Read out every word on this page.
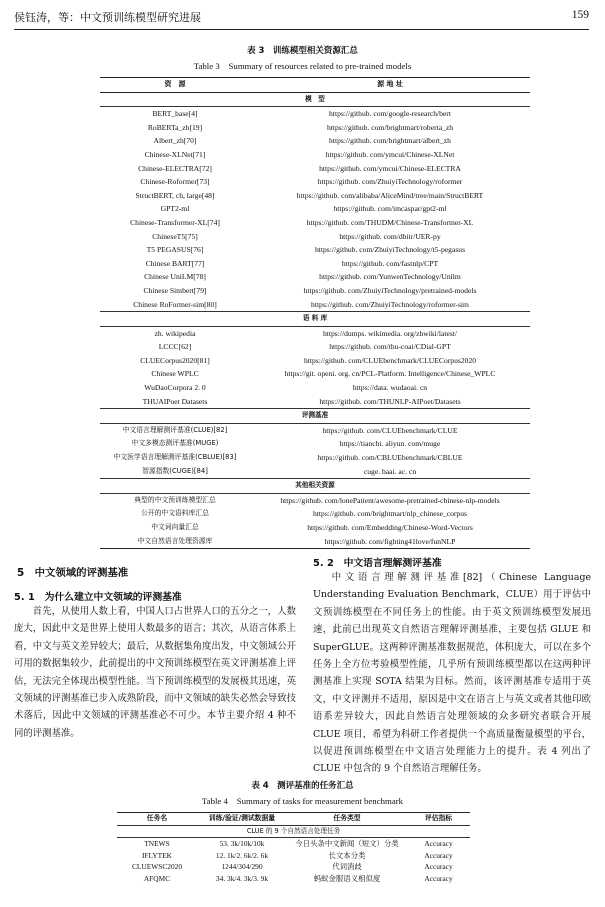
侯钰涛，等：中文预训练模型研究进展	159
表 3　训练模型相关资源汇总
Table 3　Summary of resources related to pre-trained models
资　源	源 地 址
模　型	
BERT_base[4]	https://github. com/google-research/bert
RoBERTa_zh[19]	https://github. com/brightmart/roberta_zh
Albert_zh[70]	https://github. com/brightmart/albert_zh
Chinese-XLNet[71]	https://github. com/ymcui/Chinese-XLNet
Chinese-ELECTRA[72]	https://github. com/ymcui/Chinese-ELECTRA
Chinese-Roformer[73]	https://github. com/ZhuiyiTechnology/roformer
StructBERT, ch, large[48]	https://github. com/alibaba/AliceMind/tree/main/StructBERT
GPT2-ml	https://github. com/imcaspar/gpt2-ml
Chinese-Transformer-XL[74]	https://github. com/THUDM/Chinese-Transformer-XL
ChineseT5[75]	https://github. com/dbiir/UER-py
T5 PEGASUS[76]	https://github. com/ZhuiyiTechnology/t5-pegasus
Chinese BART[77]	https://github. com/fastnlp/CPT
Chinese UniLM[78]	https://github. com/YunwenTechnology/Unilm
Chinese Simbert[79]	https://github. com/ZhuiyiTechnology/pretrained-models
Chinese RoFormer-sim[80]	https://github. com/ZhuiyiTechnology/roformer-sim
语 料 库	
zh. wikipedia	https://dumps. wikimedia. org/zhwiki/latest/
LCCC[62]	https://github. com/thu-coai/CDial-GPT
CLUECorpus2020[81]	https://github. com/CLUEbenchmark/CLUECorpus2020
Chinese WPLC	https://git. openi. org. cn/PCL-Platform. Intelligence/Chinese_WPLC
WuDaoCorpora 2. 0	https://data. wudaoai. cn
THUAIPoet Datasets	https://github. com/THUNLP-AIPoet/Datasets
评测基准	
中文语言理解测评基准(CLUE)[82]	https://github. com/CLUEbenchmark/CLUE
中文多模态测评基准(MUGE)	https://tianchi. aliyun. com/muge
中文医学语言理解测评基准(CBLUE)[83]	https://github. com/CBLUEbenchmark/CBLUE
智源指数(CUGE)[84]	cuge. baai. ac. cn
其他相关资源	
典型的中文预训练模型汇总	https://github. com/lonePatient/awesome-pretrained-chinese-nlp-models
公开的中文语料库汇总	https://github. com/brightmart/nlp_chinese_corpus
中文词向量汇总	https://github. com/Embedding/Chinese-Word-Vectors
中文自然语言处理资源库	https://github. com/fighting41love/funNLP
5　中文领域的评测基准
5. 1　为什么建立中文领域的评测基准

首先，从使用人数上看，中国人口占世界人口的五分之一，人数庞大，因此中文是世界上使用人数最多的语言；其次，从语言体系上看，中文与英文差异较大；最后，从数据集角度出发，中文领域公开可用的数据集较少，此前提出的中文预训练模型在英文评测基准上评估，无法完全体现出模型性能。当下预训练模型的发展极其迅速，英文领域的评测基准已步入成熟阶段，而中文领域的缺失必然会导致技术落后，因此中文领域的评测基准必不可少。本节主要介绍 4 种不同的评测基准。

5. 2　中文语言理解测评基准

中文语言理解测评基准[82]（Chinese Language Understanding Evaluation Benchmark，CLUE）用于评估中文预训练模型在不同任务上的性能。由于英文预训练模型发展迅速，此前已出现英文自然语言理解评测基准，主要包括 GLUE 和 SuperGLUE。这两种评测基准数据规范，体积庞大，可以在多个任务上全方位考验模型性能，几乎所有预训练模型都以在这两种评测基准上实现 SOTA 结果为目标。然而，该评测基准专适用于英文，中文评测并不适用，原因是中文在语言上与英文或者其他印欧语系差异较大，因此自然语言处理领域的众多研究者联合开展 CLUE 项目，希望为科研工作者提供一个高质量衡量模型的平台，以促进预训练模型在中文语言处理能力上的提升。表 4 列出了 CLUE 中包含的 9 个自然语言理解任务。

表 4　测评基准的任务汇总
Table 4　Summary of tasks for measurement benchmark
任务名	训练/验证/测试数据量	任务类型	评估指标
CLUE 的 9 个自然语言处理任务			
TNEWS	53. 3k/10k/10k	今日头条中文新闻（短文）分类	Accuracy
IFLYTEK	12. 1k/2. 6k/2. 6k	长文本分类	Accuracy
CLUEWSC2020	1244/304/290	代词消歧	Accuracy
AFQMC	34. 3k/4. 3k/3. 9k	蚂蚁金服语义相似度	Accuracy
